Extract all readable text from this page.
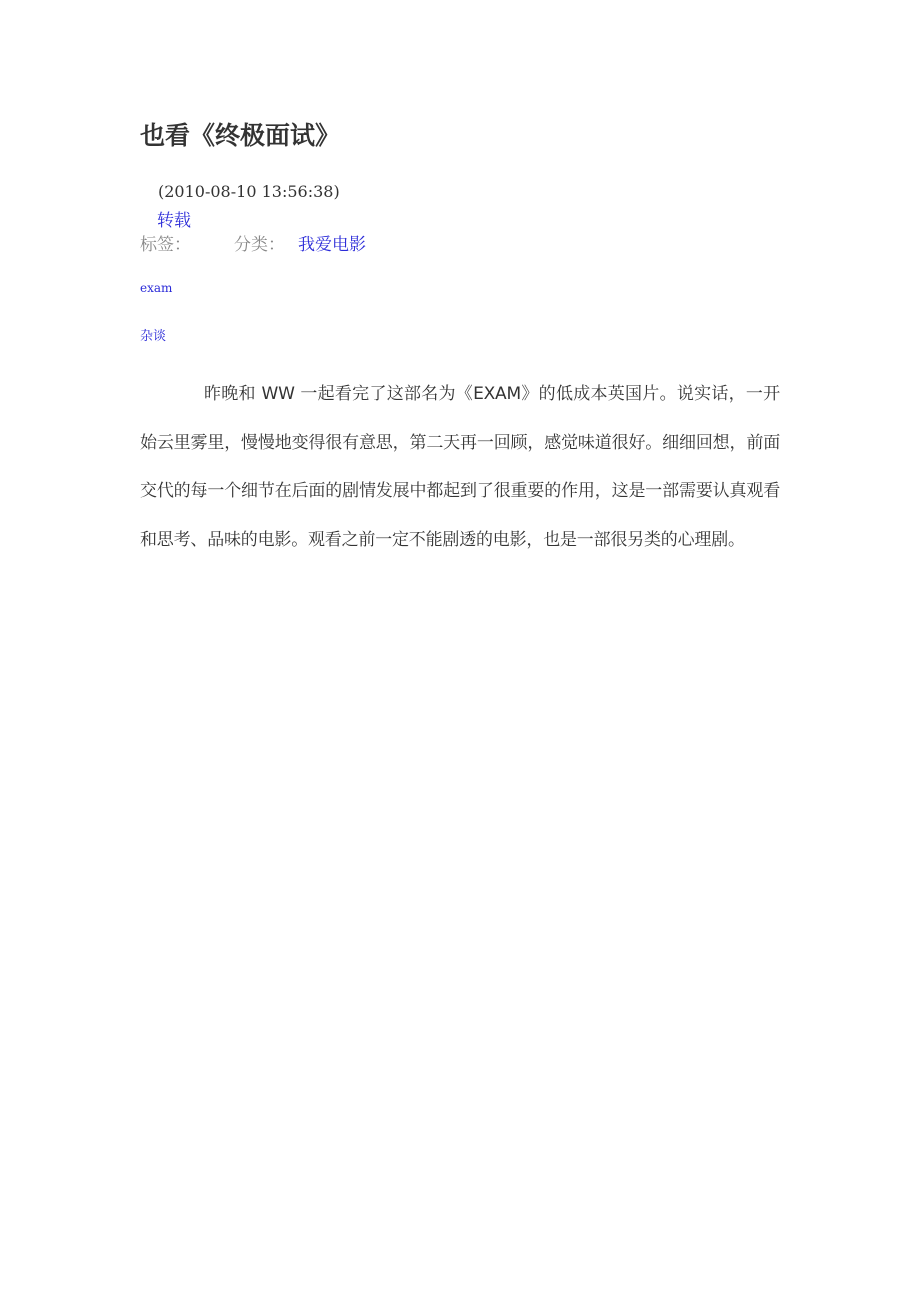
也看《终极面试》
(2010-08-10 13:56:38)
转载
标签：	分类： 我爱电影
exam
杂谈

昨晚和 WW 一起看完了这部名为《EXAM》的低成本英国片。说实话，一开始云里雾里，慢慢地变得很有意思，第二天再一回顾，感觉味道很好。细细回想，前面交代的每一个细节在后面的剧情发展中都起到了很重要的作用，这是一部需要认真观看和思考、品味的电影。观看之前一定不能剧透的电影，也是一部很另类的心理剧。
